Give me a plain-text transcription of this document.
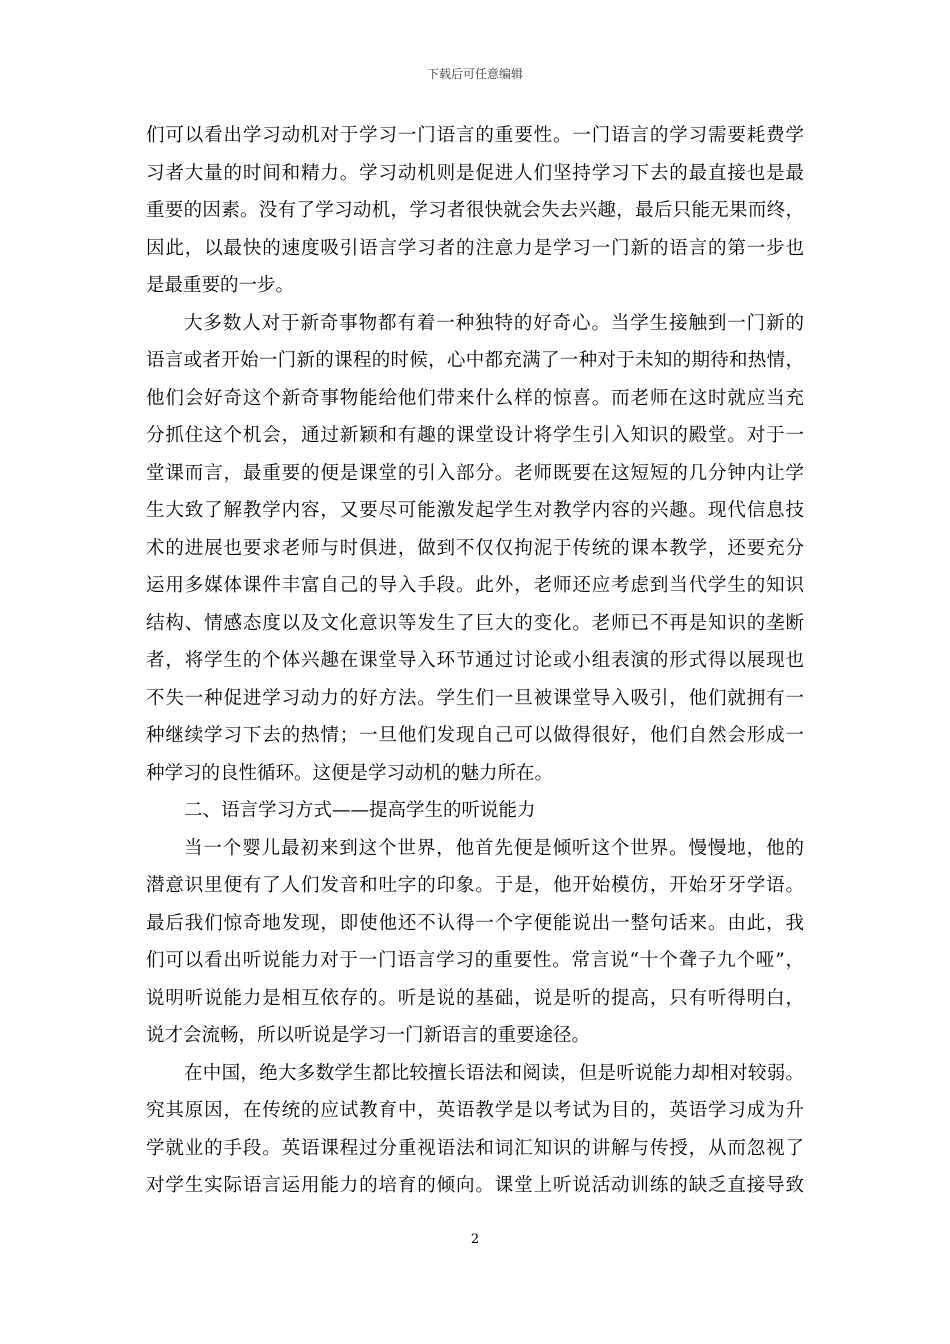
下载后可任意编辑
们可以看出学习动机对于学习一门语言的重要性。一门语言的学习需要耗费学
习者大量的时间和精力。学习动机则是促进人们坚持学习下去的最直接也是最
重要的因素。没有了学习动机，学习者很快就会失去兴趣，最后只能无果而终，
因此，以最快的速度吸引语言学习者的注意力是学习一门新的语言的第一步也
是最重要的一步。
大多数人对于新奇事物都有着一种独特的好奇心。当学生接触到一门新的
语言或者开始一门新的课程的时候，心中都充满了一种对于未知的期待和热情，
他们会好奇这个新奇事物能给他们带来什么样的惊喜。而老师在这时就应当充
分抓住这个机会，通过新颖和有趣的课堂设计将学生引入知识的殿堂。对于一
堂课而言，最重要的便是课堂的引入部分。老师既要在这短短的几分钟内让学
生大致了解教学内容，又要尽可能激发起学生对教学内容的兴趣。现代信息技
术的进展也要求老师与时俱进，做到不仅仅拘泥于传统的课本教学，还要充分
运用多媒体课件丰富自己的导入手段。此外，老师还应考虑到当代学生的知识
结构、情感态度以及文化意识等发生了巨大的变化。老师已不再是知识的垄断
者，将学生的个体兴趣在课堂导入环节通过讨论或小组表演的形式得以展现也
不失一种促进学习动力的好方法。学生们一旦被课堂导入吸引，他们就拥有一
种继续学习下去的热情；一旦他们发现自己可以做得很好，他们自然会形成一
种学习的良性循环。这便是学习动机的魅力所在。
二、语言学习方式——提高学生的听说能力
当一个婴儿最初来到这个世界，他首先便是倾听这个世界。慢慢地，他的
潜意识里便有了人们发音和吐字的印象。于是，他开始模仿，开始牙牙学语。
最后我们惊奇地发现，即使他还不认得一个字便能说出一整句话来。由此，我
们可以看出听说能力对于一门语言学习的重要性。常言说“十个聋子九个哑”，
说明听说能力是相互依存的。听是说的基础，说是听的提高，只有听得明白，
说才会流畅，所以听说是学习一门新语言的重要途径。
在中国，绝大多数学生都比较擅长语法和阅读，但是听说能力却相对较弱。
究其原因，在传统的应试教育中，英语教学是以考试为目的，英语学习成为升
学就业的手段。英语课程过分重视语法和词汇知识的讲解与传授，从而忽视了
对学生实际语言运用能力的培育的倾向。课堂上听说活动训练的缺乏直接导致
2
